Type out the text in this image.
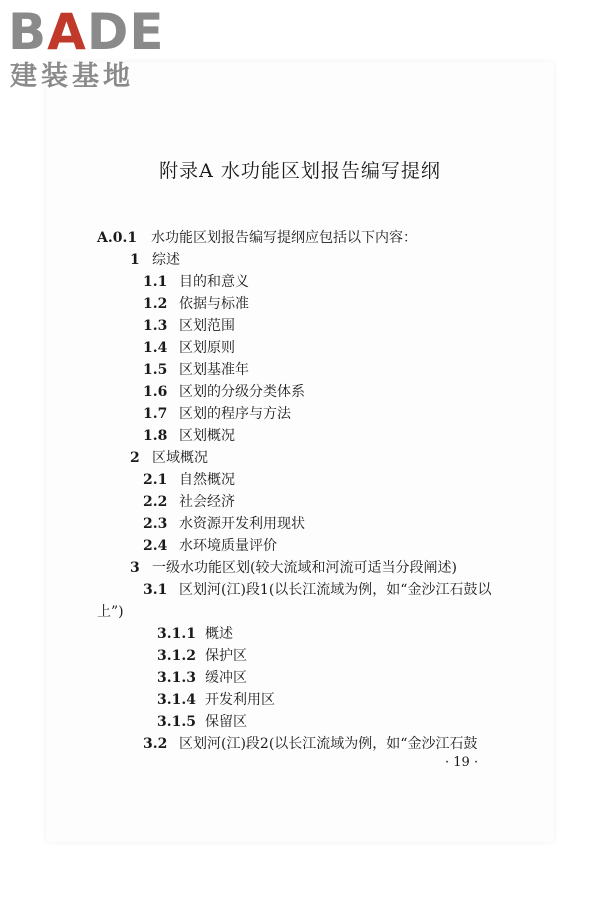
BADE
建装基地
附录A 水功能区划报告编写提纲
A.0.1 水功能区划报告编写提纲应包括以下内容：
1 综述
1.1 目的和意义
1.2 依据与标准
1.3 区划范围
1.4 区划原则
1.5 区划基准年
1.6 区划的分级分类体系
1.7 区划的程序与方法
1.8 区划概况
2 区域概况
2.1 自然概况
2.2 社会经济
2.3 水资源开发利用现状
2.4 水环境质量评价
3 一级水功能区划(较大流域和河流可适当分段阐述)
3.1 区划河(江)段1(以长江流域为例，如“金沙江石鼓以
上”)
3.1.1 概述
3.1.2 保护区
3.1.3 缓冲区
3.1.4 开发利用区
3.1.5 保留区
3.2 区划河(江)段2(以长江流域为例，如“金沙江石鼓
· 19 ·
